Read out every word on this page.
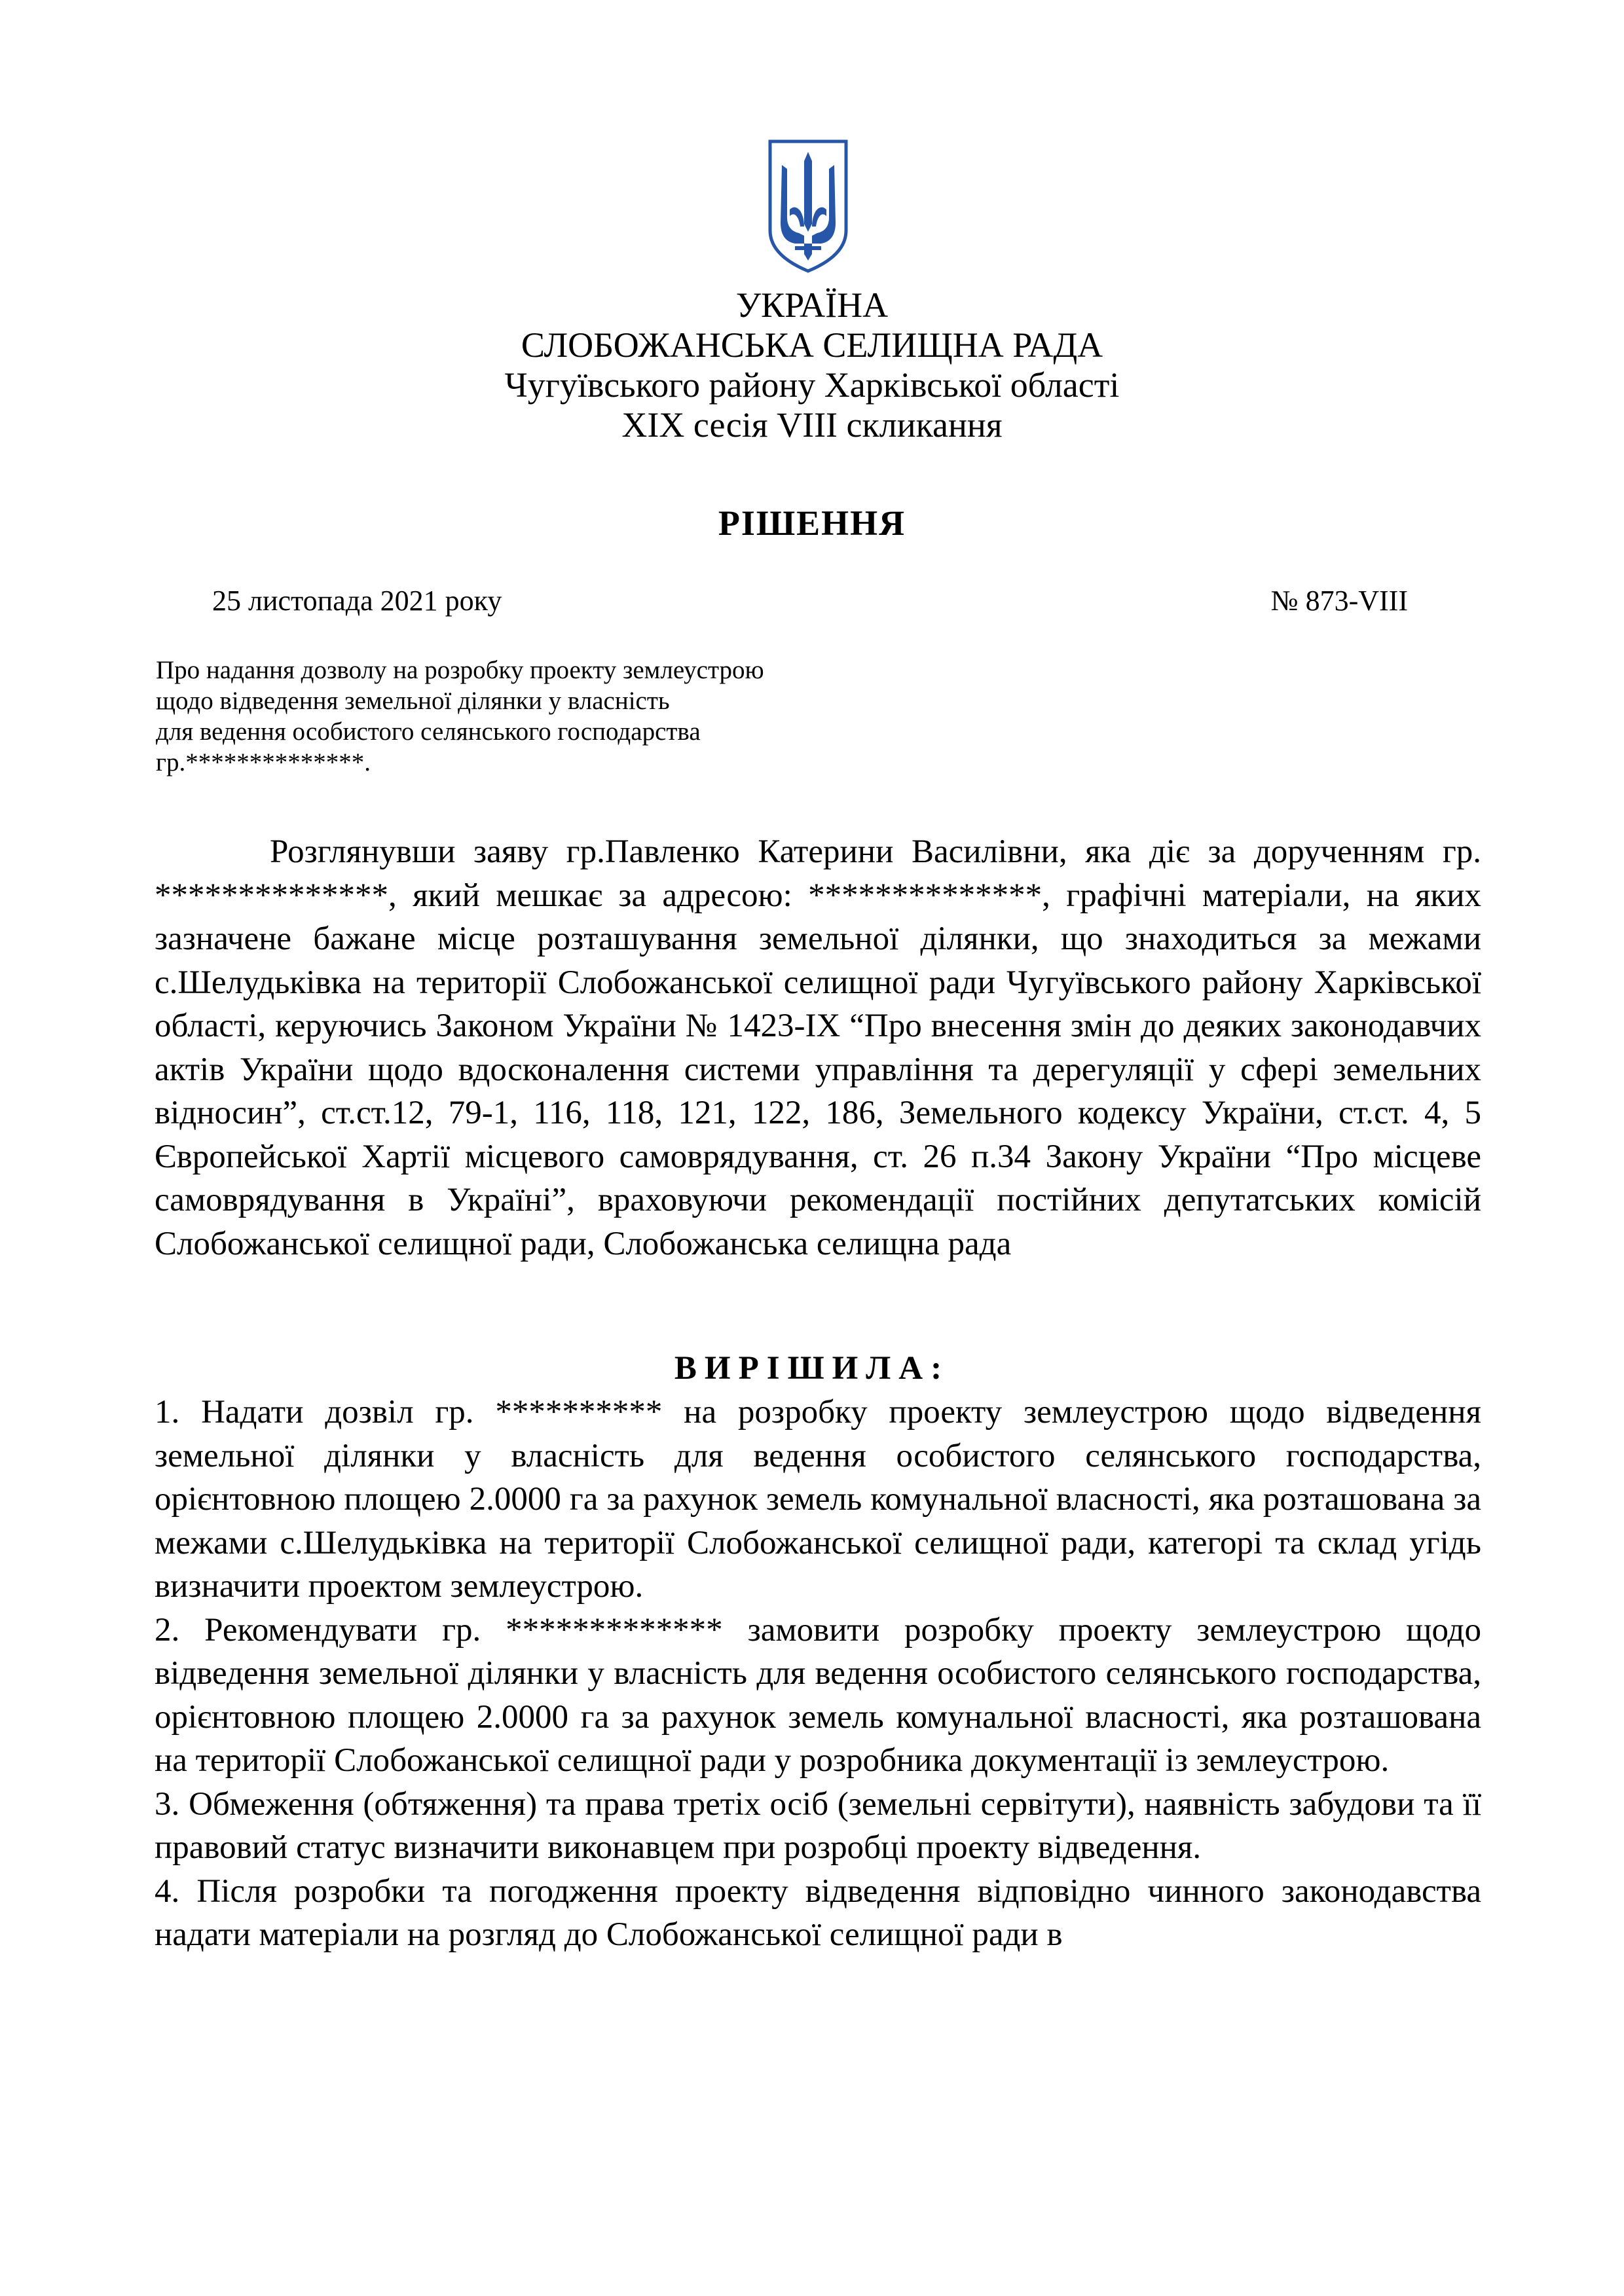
УКРАЇНА
СЛОБОЖАНСЬКА СЕЛИЩНА РАДА
Чугуївського району Харківської області
ХІХ сесія VIII скликання
РІШЕННЯ
25 листопада 2021 року	№ 873-VIII
Про надання дозволу на розробку проекту землеустрою
щодо відведення земельної ділянки у власність
для ведення особистого селянського господарства
гр.**************.
Розглянувши заяву гр.Павленко Катерини Василівни, яка діє за дорученням гр. **************, який мешкає за адресою: **************, графічні матеріали, на яких зазначене бажане місце розташування земельної ділянки, що знаходиться за межами с.Шелудьківка на території Слобожанської селищної ради Чугуївського району Харківської області, керуючись Законом України № 1423-IX “Про внесення змін до деяких законодавчих актів України щодо вдосконалення системи управління та дерегуляції у сфері земельних відносин”, ст.ст.12, 79-1, 116, 118, 121, 122, 186, Земельного кодексу України, ст.ст. 4, 5 Європейської Хартії місцевого самоврядування, ст. 26 п.34 Закону України “Про місцеве самоврядування в Україні”, враховуючи рекомендації постійних депутатських комісій Слобожанської селищної ради, Слобожанська селищна рада
ВИРІШИЛА:

1. Надати дозвіл гр. ********** на розробку проекту землеустрою щодо відведення земельної ділянки у власність для ведення особистого селянського господарства, орієнтовною площею 2.0000 га за рахунок земель комунальної власності, яка розташована за межами с.Шелудьківка на території Слобожанської селищної ради, категорі та склад угідь визначити проектом землеустрою.

2. Рекомендувати гр. ************* замовити розробку проекту землеустрою щодо відведення земельної ділянки у власність для ведення особистого селянського господарства, орієнтовною площею 2.0000 га за рахунок земель комунальної власності, яка розташована на території Слобожанської селищної ради у розробника документації із землеустрою.

3. Обмеження (обтяження) та права третіх осіб (земельні сервітути), наявність забудови та її правовий статус визначити виконавцем при розробці проекту відведення.

4. Після розробки та погодження проекту відведення відповідно чинного законодавства надати матеріали на розгляд до Слобожанської селищної ради в
